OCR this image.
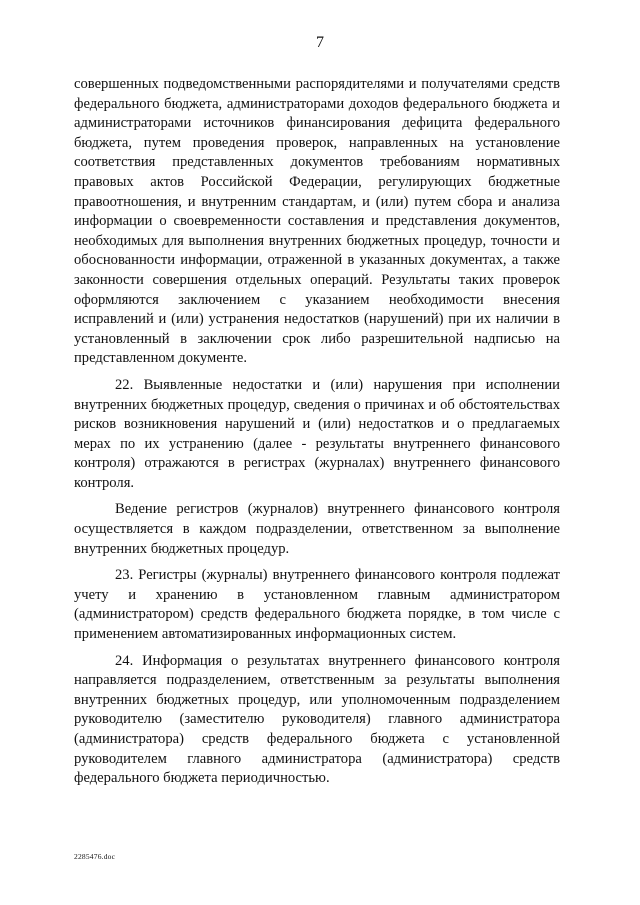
7

совершенных подведомственными распорядителями и получателями средств федерального бюджета, администраторами доходов федерального бюджета и администраторами источников финансирования дефицита федерального бюджета, путем проведения проверок, направленных на установление соответствия представленных документов требованиям нормативных правовых актов Российской Федерации, регулирующих бюджетные правоотношения, и внутренним стандартам, и (или) путем сбора и анализа информации о своевременности составления и представления документов, необходимых для выполнения внутренних бюджетных процедур, точности и обоснованности информации, отраженной в указанных документах, а также законности совершения отдельных операций. Результаты таких проверок оформляются заключением с указанием необходимости внесения исправлений и (или) устранения недостатков (нарушений) при их наличии в установленный в заключении срок либо разрешительной надписью на представленном документе.

22. Выявленные недостатки и (или) нарушения при исполнении внутренних бюджетных процедур, сведения о причинах и об обстоятельствах рисков возникновения нарушений и (или) недостатков и о предлагаемых мерах по их устранению (далее - результаты внутреннего финансового контроля) отражаются в регистрах (журналах) внутреннего финансового контроля.

Ведение регистров (журналов) внутреннего финансового контроля осуществляется в каждом подразделении, ответственном за выполнение внутренних бюджетных процедур.

23. Регистры (журналы) внутреннего финансового контроля подлежат учету и хранению в установленном главным администратором (администратором) средств федерального бюджета порядке, в том числе с применением автоматизированных информационных систем.

24. Информация о результатах внутреннего финансового контроля направляется подразделением, ответственным за результаты выполнения внутренних бюджетных процедур, или уполномоченным подразделением руководителю (заместителю руководителя) главного администратора (администратора) средств федерального бюджета с установленной руководителем главного администратора (администратора) средств федерального бюджета периодичностью.

2285476.doc
